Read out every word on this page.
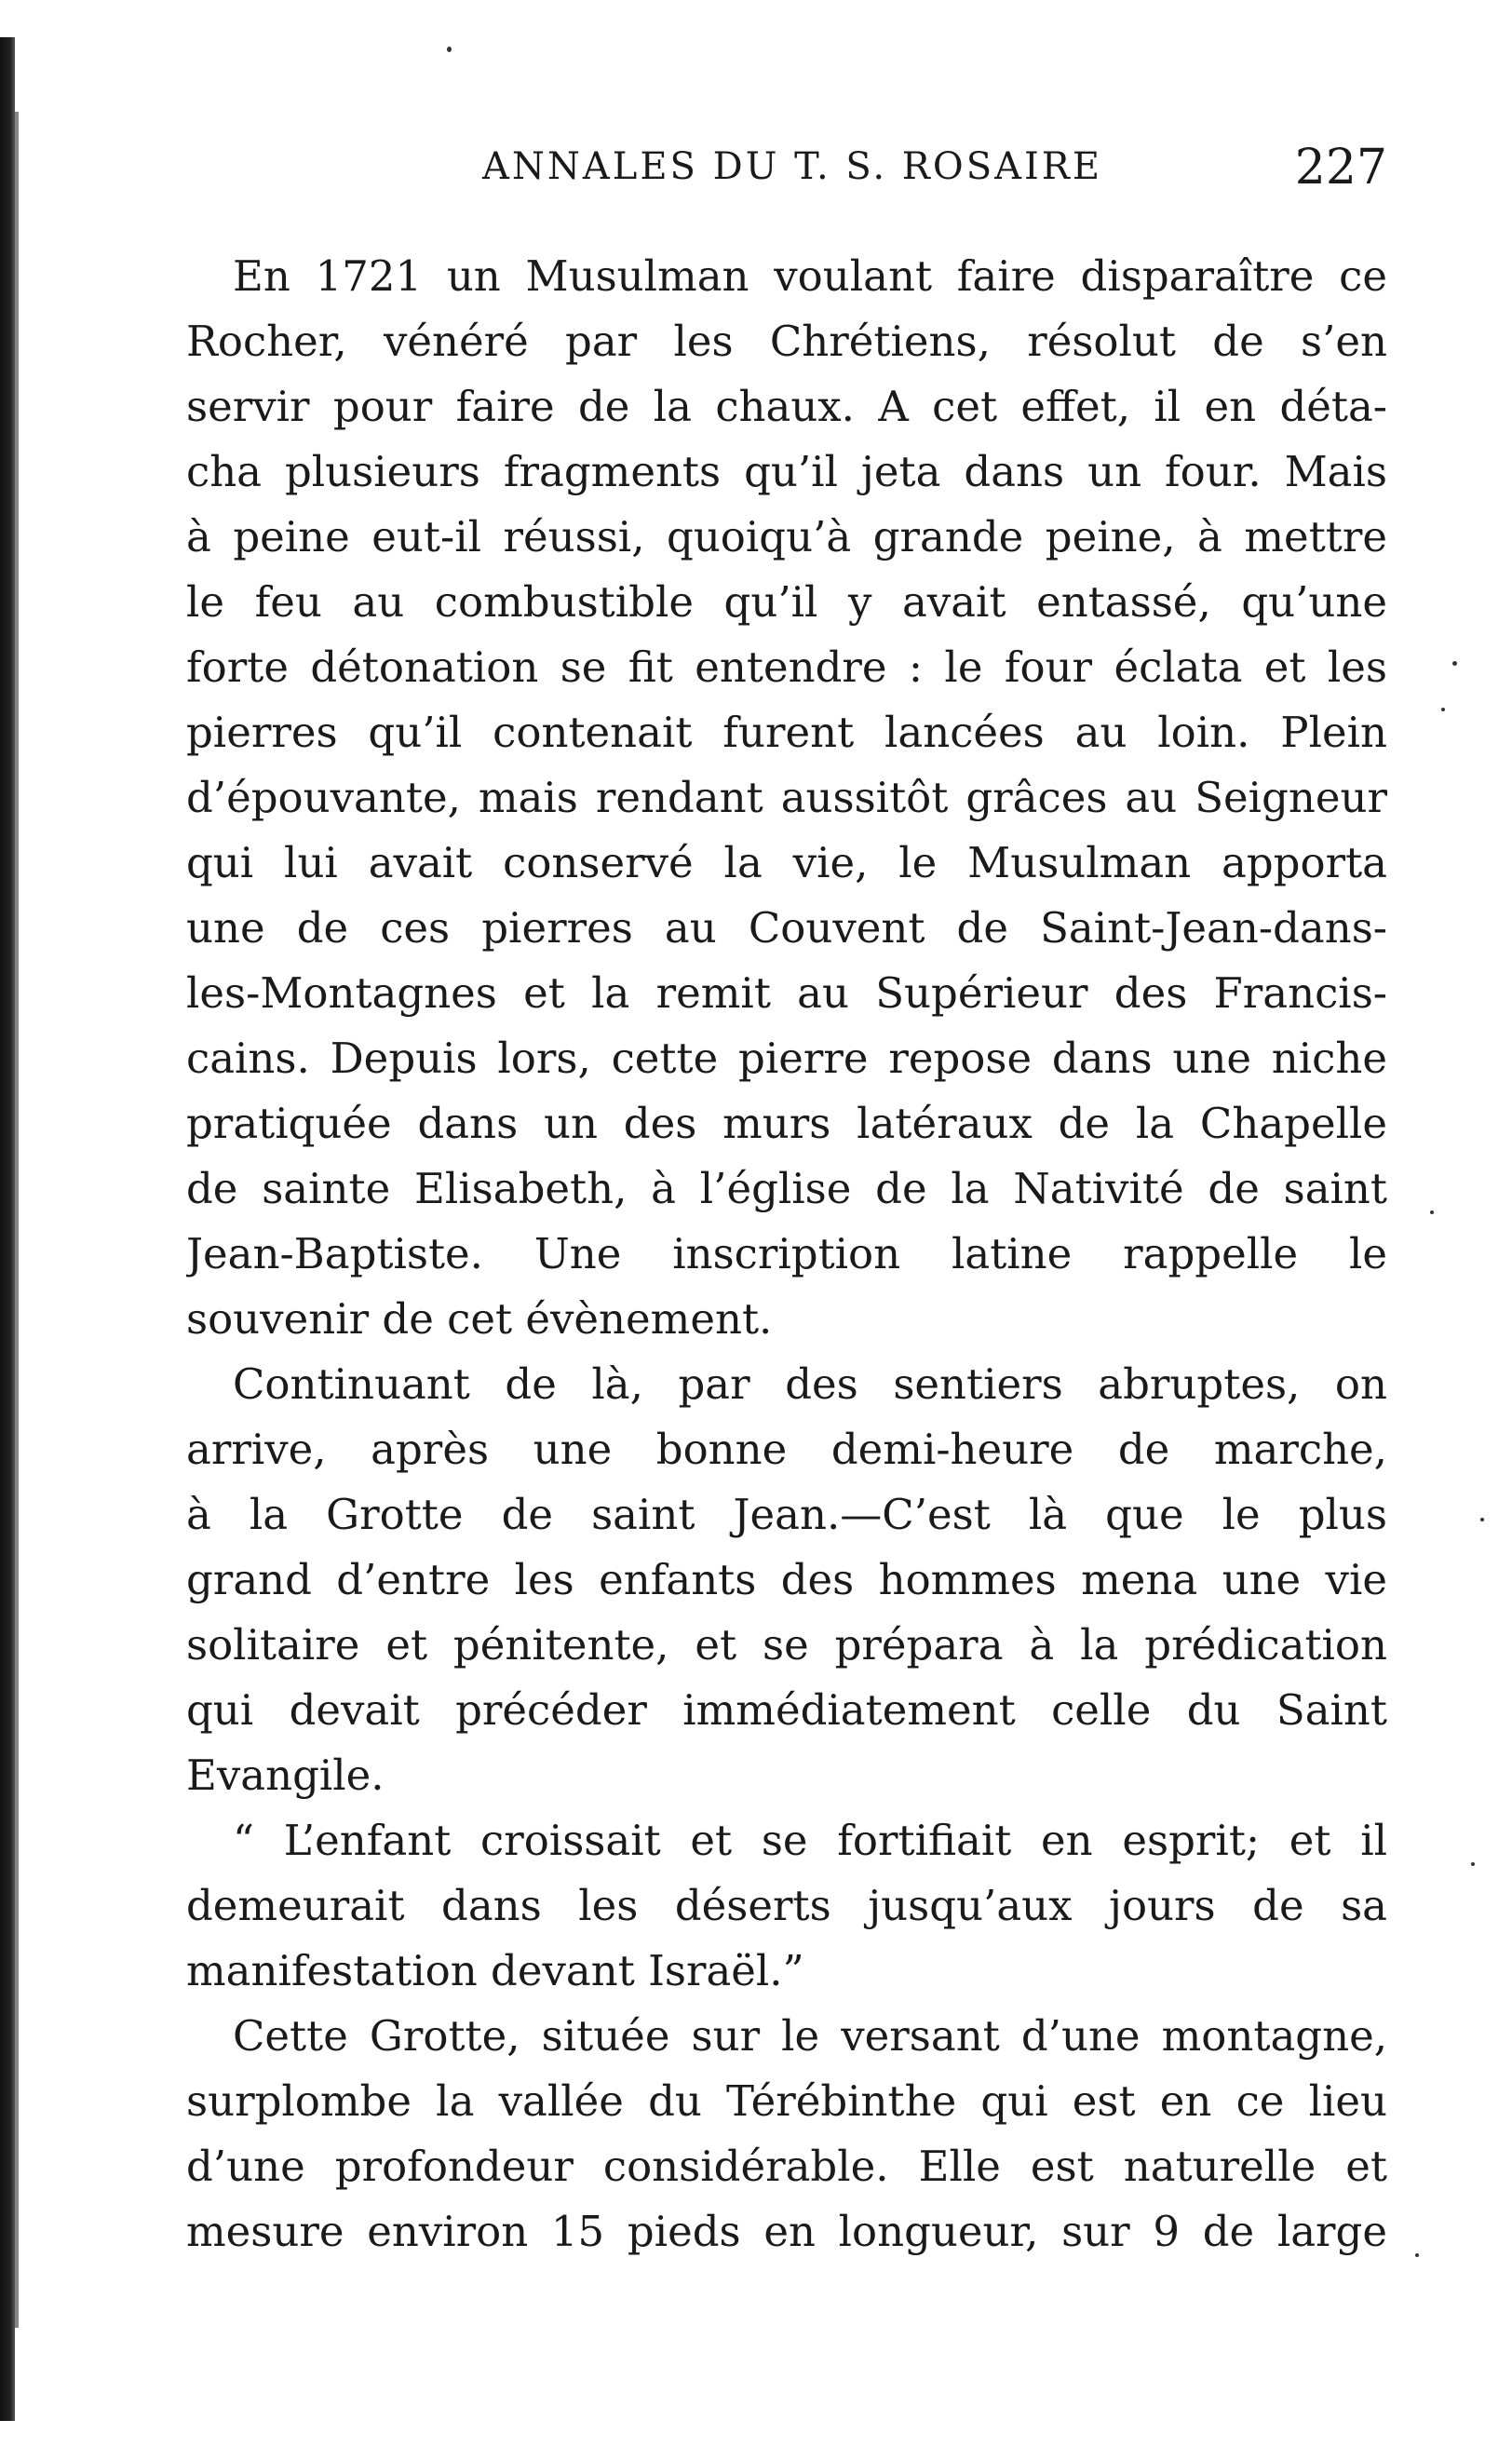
ANNALES DU T. S. ROSAIRE	227
En 1721 un Musulman voulant faire disparaître ce
Rocher, vénéré par les Chrétiens, résolut de s’en
servir pour faire de la chaux. A cet effet, il en déta-
cha plusieurs fragments qu’il jeta dans un four. Mais
à peine eut-il réussi, quoiqu’à grande peine, à mettre
le feu au combustible qu’il y avait entassé, qu’une
forte détonation se fit entendre : le four éclata et les
pierres qu’il contenait furent lancées au loin. Plein
d’épouvante, mais rendant aussitôt grâces au Seigneur
qui lui avait conservé la vie, le Musulman apporta
une de ces pierres au Couvent de Saint-Jean-dans-
les-Montagnes et la remit au Supérieur des Francis-
cains. Depuis lors, cette pierre repose dans une niche
pratiquée dans un des murs latéraux de la Chapelle
de sainte Elisabeth, à l’église de la Nativité de saint
Jean-Baptiste. Une inscription latine rappelle le
souvenir de cet évènement.
Continuant de là, par des sentiers abruptes, on
arrive, après une bonne demi-heure de marche,
à la Grotte de saint Jean.—C’est là que le plus
grand d’entre les enfants des hommes mena une vie
solitaire et pénitente, et se prépara à la prédication
qui devait précéder immédiatement celle du Saint
Evangile.
“ L’enfant croissait et se fortifiait en esprit; et il
demeurait dans les déserts jusqu’aux jours de sa
manifestation devant Israël.”
Cette Grotte, située sur le versant d’une montagne,
surplombe la vallée du Térébinthe qui est en ce lieu
d’une profondeur considérable. Elle est naturelle et
mesure environ 15 pieds en longueur, sur 9 de large
